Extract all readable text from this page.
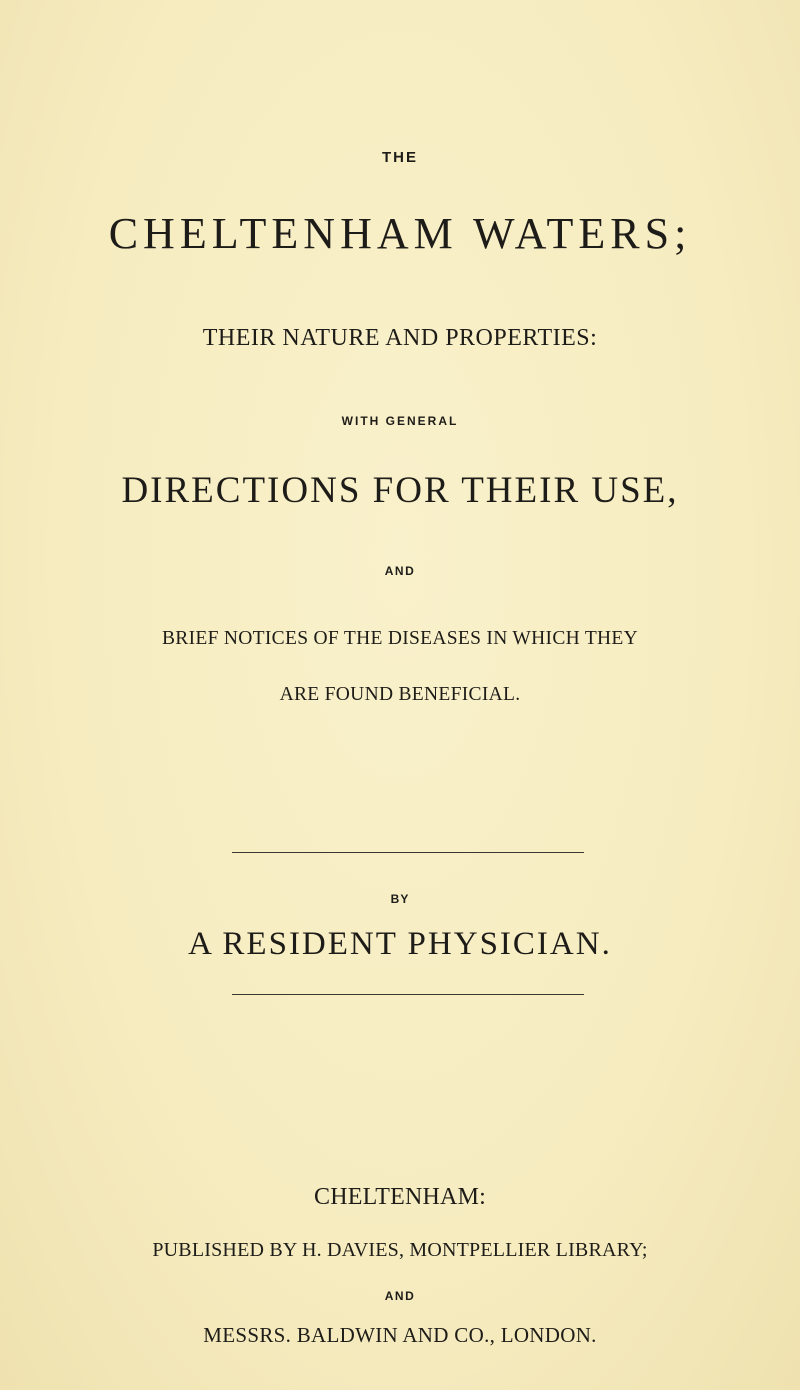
THE
CHELTENHAM WATERS;
THEIR NATURE AND PROPERTIES:
WITH GENERAL
DIRECTIONS FOR THEIR USE,
AND
BRIEF NOTICES OF THE DISEASES IN WHICH THEY
ARE FOUND BENEFICIAL.
BY
A RESIDENT PHYSICIAN.
CHELTENHAM:
PUBLISHED BY H. DAVIES, MONTPELLIER LIBRARY;
AND
MESSRS. BALDWIN AND CO., LONDON.
